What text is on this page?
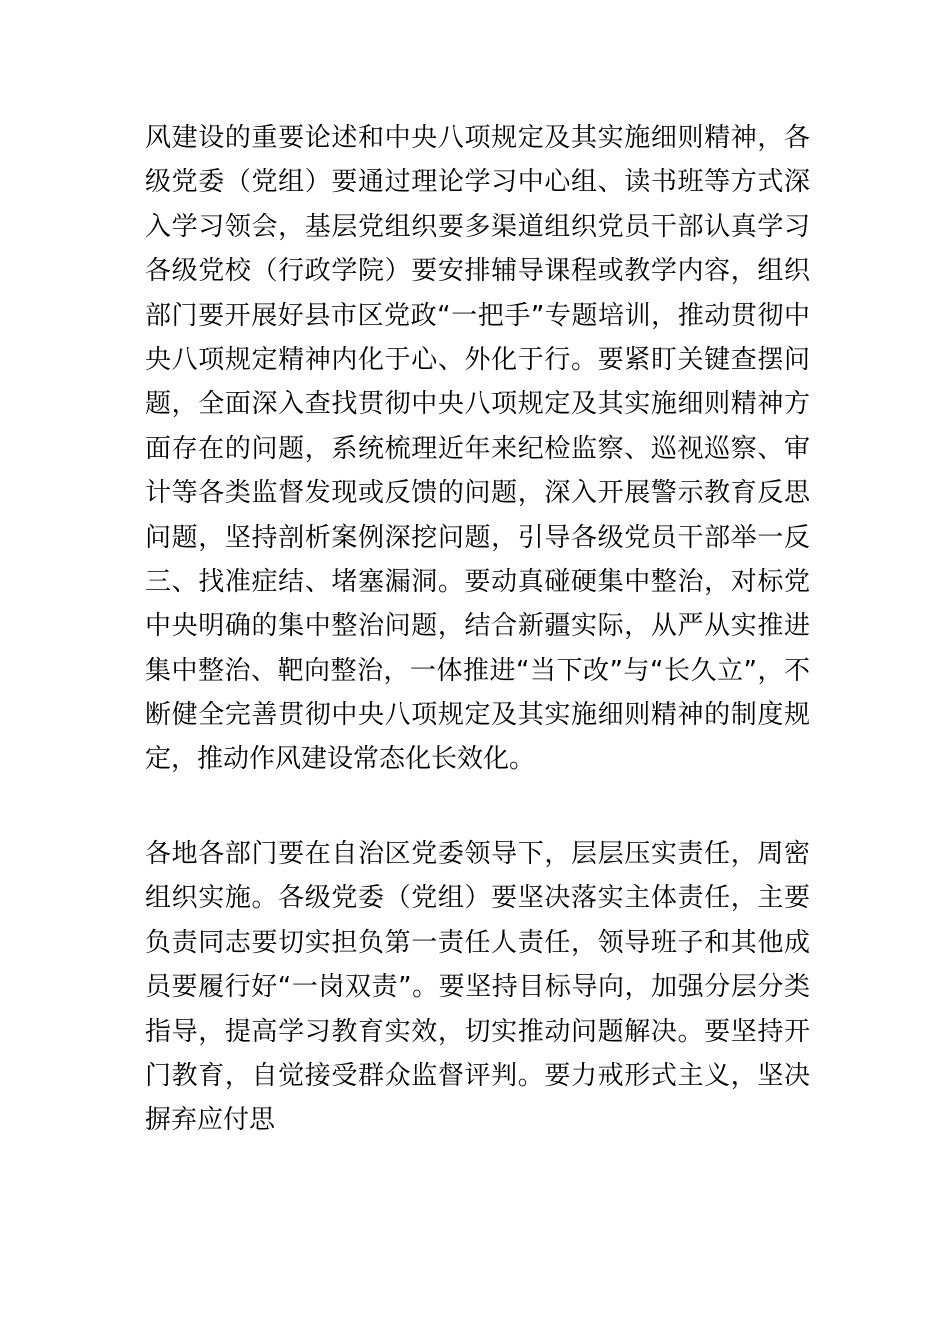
风建设的重要论述和中央八项规定及其实施细则精神，各
级党委（党组）要通过理论学习中心组、读书班等方式深
入学习领会，基层党组织要多渠道组织党员干部认真学习
各级党校（行政学院）要安排辅导课程或教学内容，组织
部门要开展好县市区党政“一把手”专题培训，推动贯彻中
央八项规定精神内化于心、外化于行。要紧盯关键查摆问
题，全面深入查找贯彻中央八项规定及其实施细则精神方
面存在的问题，系统梳理近年来纪检监察、巡视巡察、审
计等各类监督发现或反馈的问题，深入开展警示教育反思
问题，坚持剖析案例深挖问题，引导各级党员干部举一反
三、找准症结、堵塞漏洞。要动真碰硬集中整治，对标党
中央明确的集中整治问题，结合新疆实际，从严从实推进
集中整治、靶向整治，一体推进“当下改”与“长久立”，不
断健全完善贯彻中央八项规定及其实施细则精神的制度规
定，推动作风建设常态化长效化。
各地各部门要在自治区党委领导下，层层压实责任，周密
组织实施。各级党委（党组）要坚决落实主体责任，主要
负责同志要切实担负第一责任人责任，领导班子和其他成
员要履行好“一岗双责”。要坚持目标导向，加强分层分类
指导，提高学习教育实效，切实推动问题解决。要坚持开
门教育，自觉接受群众监督评判。要力戒形式主义，坚决
摒弃应付思
